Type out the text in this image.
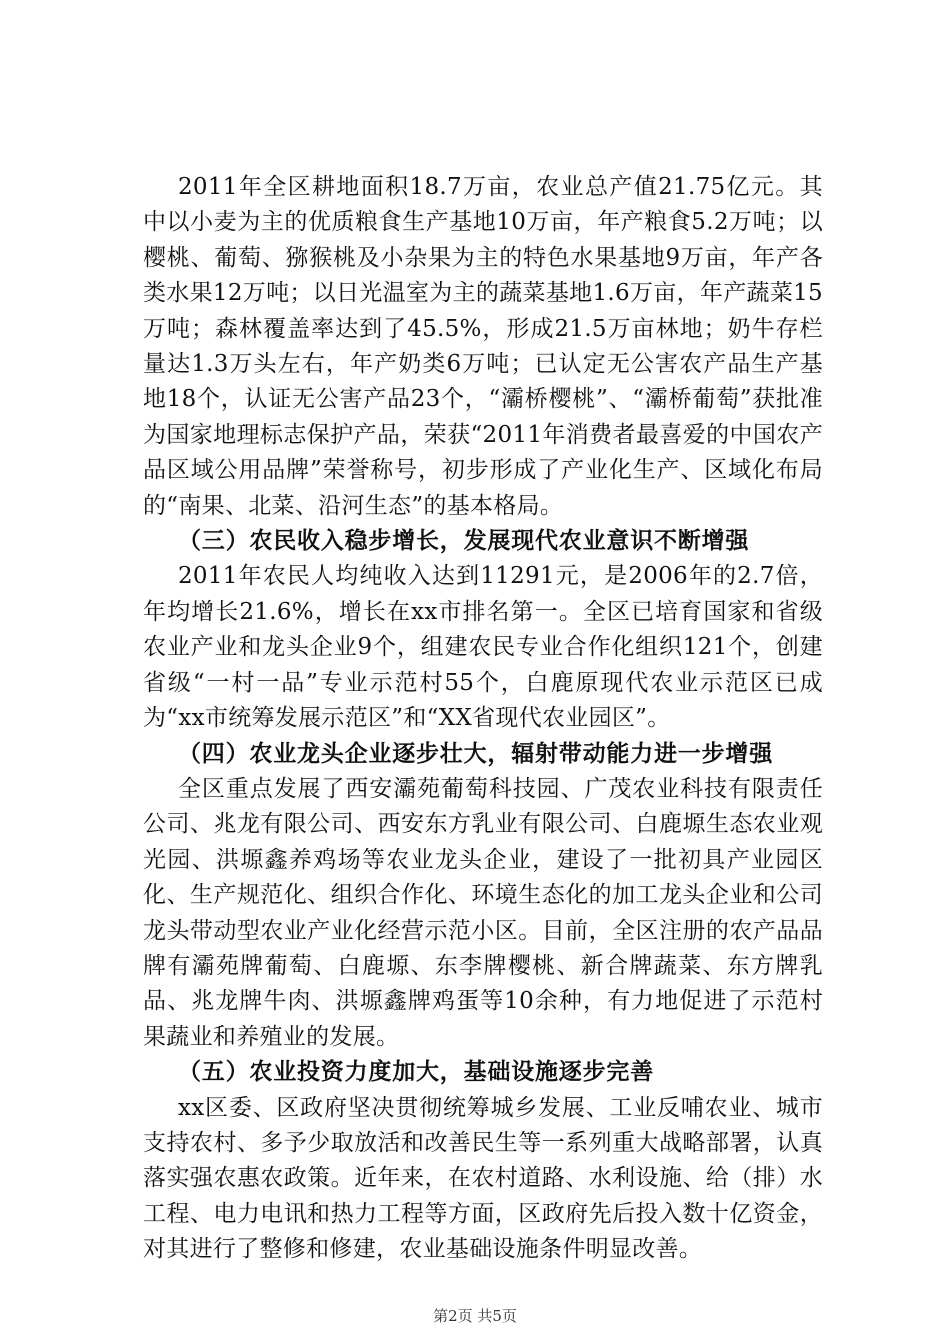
2011年全区耕地面积18.7万亩，农业总产值21.75亿元。其中以小麦为主的优质粮食生产基地10万亩，年产粮食5.2万吨；以樱桃、葡萄、猕猴桃及小杂果为主的特色水果基地9万亩，年产各类水果12万吨；以日光温室为主的蔬菜基地1.6万亩，年产蔬菜15万吨；森林覆盖率达到了45.5%，形成21.5万亩林地；奶牛存栏量达1.3万头左右，年产奶类6万吨；已认定无公害农产品生产基地18个，认证无公害产品23个，“灞桥樱桃”、“灞桥葡萄”获批准为国家地理标志保护产品，荣获“2011年消费者最喜爱的中国农产品区域公用品牌”荣誉称号，初步形成了产业化生产、区域化布局的“南果、北菜、沿河生态”的基本格局。

（三）农民收入稳步增长，发展现代农业意识不断增强

2011年农民人均纯收入达到11291元，是2006年的2.7倍，年均增长21.6%，增长在xx市排名第一。全区已培育国家和省级农业产业和龙头企业9个，组建农民专业合作化组织121个，创建省级“一村一品”专业示范村55个，白鹿原现代农业示范区已成为“xx市统筹发展示范区”和“XX省现代农业园区”。

（四）农业龙头企业逐步壮大，辐射带动能力进一步增强

全区重点发展了西安灞苑葡萄科技园、广茂农业科技有限责任公司、兆龙有限公司、西安东方乳业有限公司、白鹿塬生态农业观光园、洪塬鑫养鸡场等农业龙头企业，建设了一批初具产业园区化、生产规范化、组织合作化、环境生态化的加工龙头企业和公司龙头带动型农业产业化经营示范小区。目前，全区注册的农产品品牌有灞苑牌葡萄、白鹿塬、东李牌樱桃、新合牌蔬菜、东方牌乳品、兆龙牌牛肉、洪塬鑫牌鸡蛋等10余种，有力地促进了示范村果蔬业和养殖业的发展。

（五）农业投资力度加大，基础设施逐步完善

xx区委、区政府坚决贯彻统筹城乡发展、工业反哺农业、城市支持农村、多予少取放活和改善民生等一系列重大战略部署，认真落实强农惠农政策。近年来，在农村道路、水利设施、给（排）水工程、电力电讯和热力工程等方面，区政府先后投入数十亿资金，对其进行了整修和修建，农业基础设施条件明显改善。

第2页 共5页
